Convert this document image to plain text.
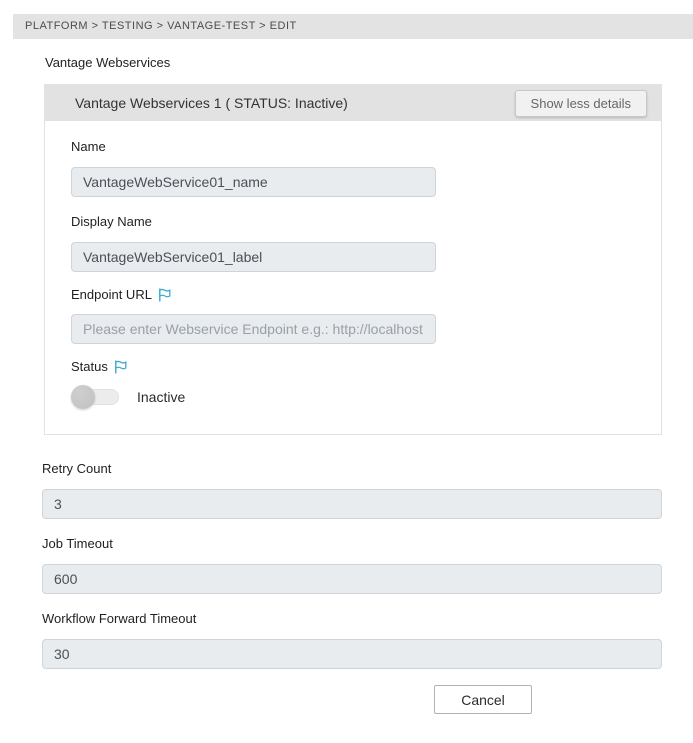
PLATFORM > TESTING > VANTAGE-TEST > EDIT
Vantage Webservices
Vantage Webservices 1 ( STATUS: Inactive)	Show less details
Name
VantageWebService01_name
Display Name
VantageWebService01_label
Endpoint URL
Please enter Webservice Endpoint e.g.: http://localhost:8080
Status
Inactive
Retry Count
3
Job Timeout
600
Workflow Forward Timeout
30
Cancel
